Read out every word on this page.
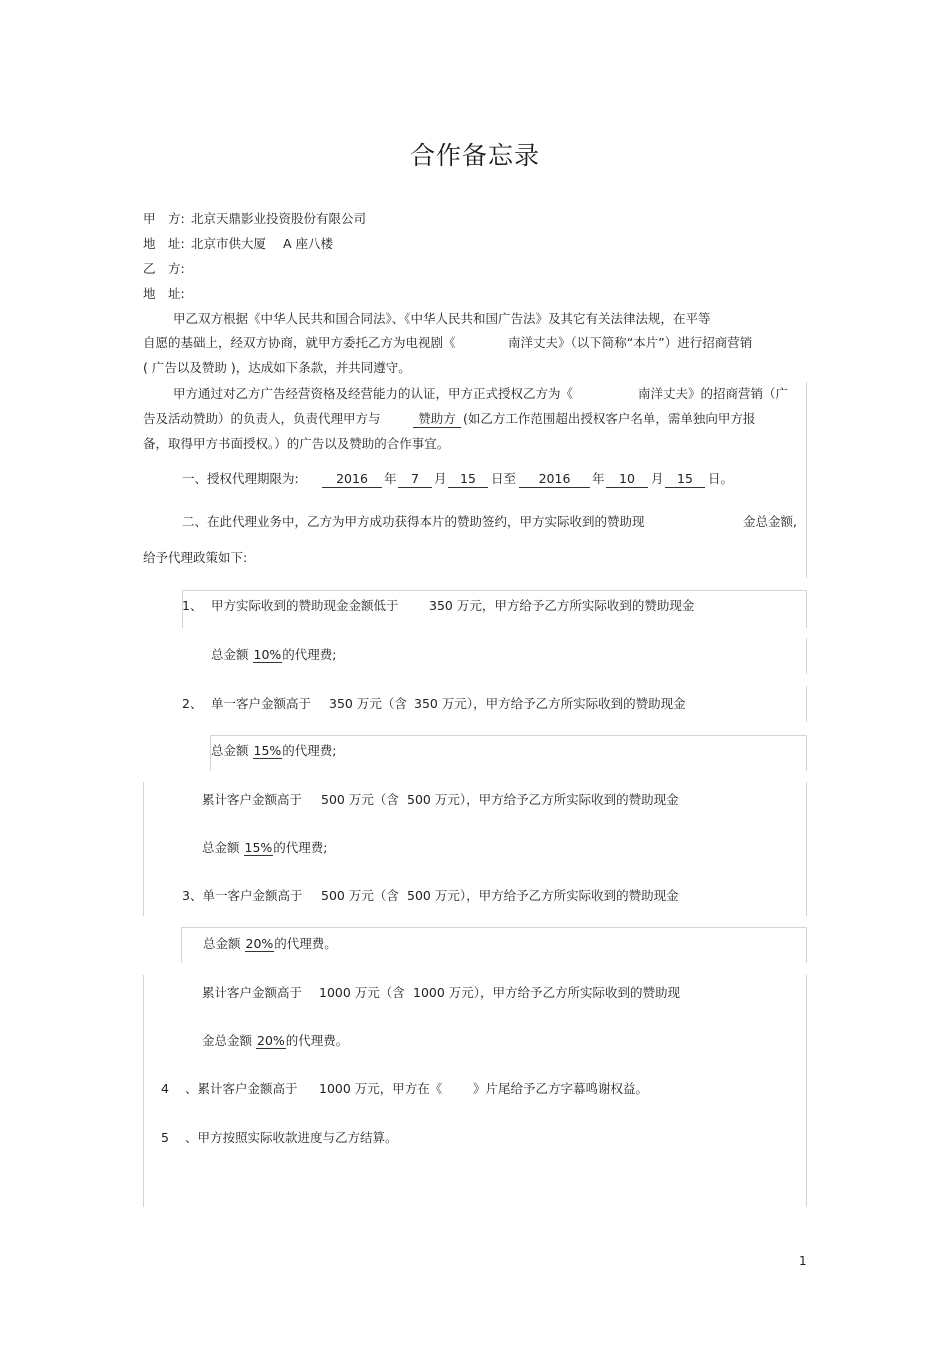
合作备忘录
甲　方: 北京天鼎影业投资股份有限公司
地　址: 北京市供大厦 A 座八楼
乙　方:
地　址:
甲乙双方根据《中华人民共和国合同法》、《中华人民共和国广告法》及其它有关法律法规，在平等
自愿的基础上，经双方协商，就甲方委托乙方为电视剧《	南洋丈夫》（以下简称“本片”）进行招商营销
( 广告以及赞助 )，达成如下条款，并共同遵守。
甲方通过对乙方广告经营资格及经营能力的认证，甲方正式授权乙方为《	南洋丈夫》的招商营销（广
告及活动赞助）的负责人，负责代理甲方与	赞助方 (如乙方工作范围超出授权客户名单，需单独向甲方报
备，取得甲方书面授权。）的广告以及赞助的合作事宜。
一、授权代理期限为:	2016	年	7	月	15	日至	2016	年	10	月	15	日。
二、在此代理业务中，乙方为甲方成功获得本片的赞助签约，甲方实际收到的赞助现	金总金额,
给予代理政策如下:
1、 甲方实际收到的赞助现金金额低于 350 万元，甲方给予乙方所实际收到的赞助现金
总金额 10%的代理费;
2、 单一客户金额高于 350 万元（含 350 万元），甲方给予乙方所实际收到的赞助现金
总金额 15%的代理费;
累计客户金额高于 500 万元（含 500 万元），甲方给予乙方所实际收到的赞助现金
总金额 15%的代理费;
3、单一客户金额高于 500 万元（含 500 万元），甲方给予乙方所实际收到的赞助现金
总金额 20%的代理费。
累计客户金额高于 1000 万元（含 1000 万元），甲方给予乙方所实际收到的赞助现
金总金额 20%的代理费。
4 、累计客户金额高于 1000 万元，甲方在《 》片尾给予乙方字幕鸣谢权益。
5 、甲方按照实际收款进度与乙方结算。
1
